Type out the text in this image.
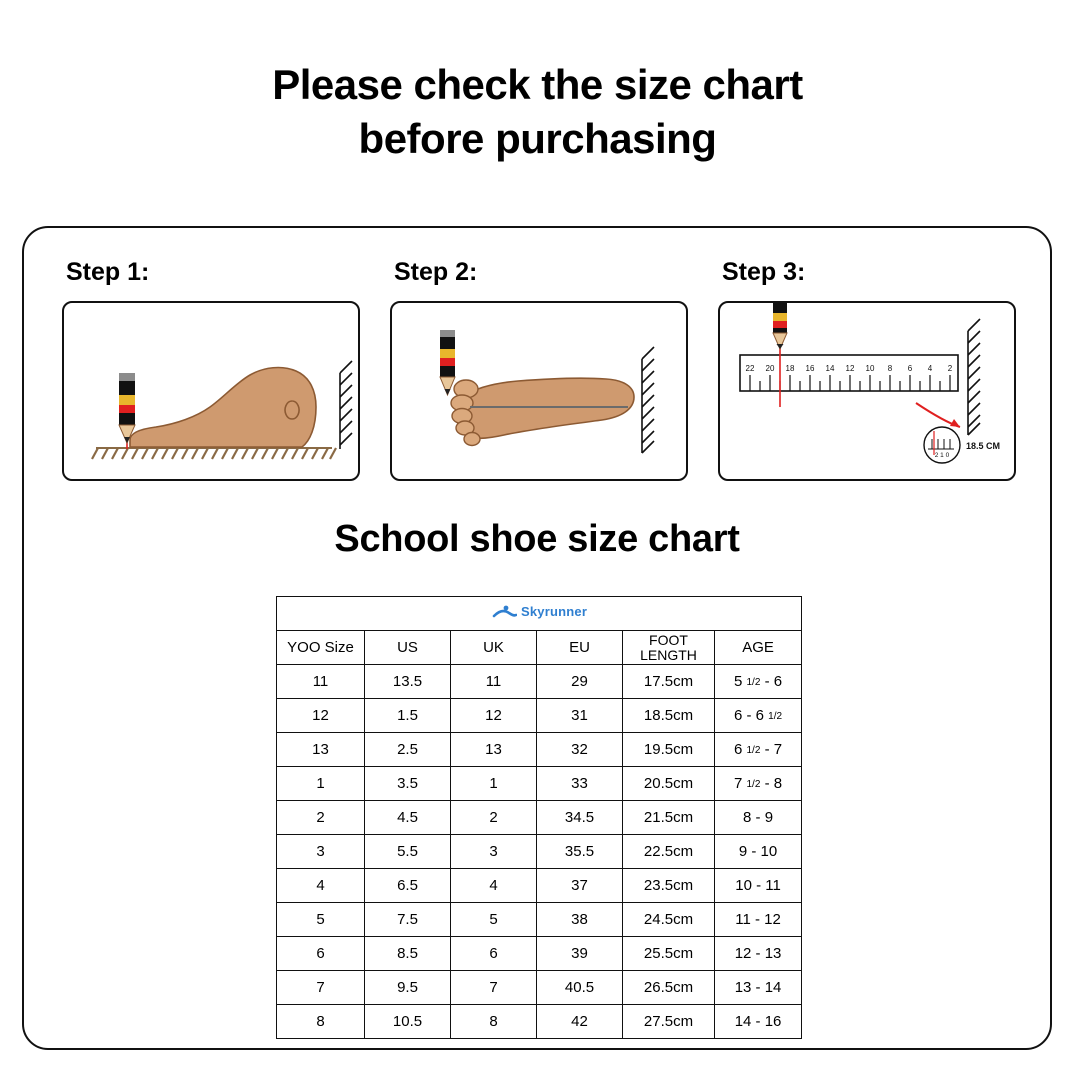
Please check the size chart
before purchasing
Step 1:	Step 2:	Step 3:
22 20 18 16 14 12 10 8 6 4 2
2 1 0
18.5 CM
School shoe size chart
Skyrunner					

YOO Size	US	UK	EU	FOOT
LENGTH	AGE
11	13.5	11	29	17.5cm	5 1/2 - 6
12	1.5	12	31	18.5cm	6 - 6 1/2
13	2.5	13	32	19.5cm	6 1/2 - 7
1	3.5	1	33	20.5cm	7 1/2 - 8
2	4.5	2	34.5	21.5cm	8 - 9
3	5.5	3	35.5	22.5cm	9 - 10
4	6.5	4	37	23.5cm	10 - 11
5	7.5	5	38	24.5cm	11 - 12
6	8.5	6	39	25.5cm	12 - 13
7	9.5	7	40.5	26.5cm	13 - 14
8	10.5	8	42	27.5cm	14 - 16
